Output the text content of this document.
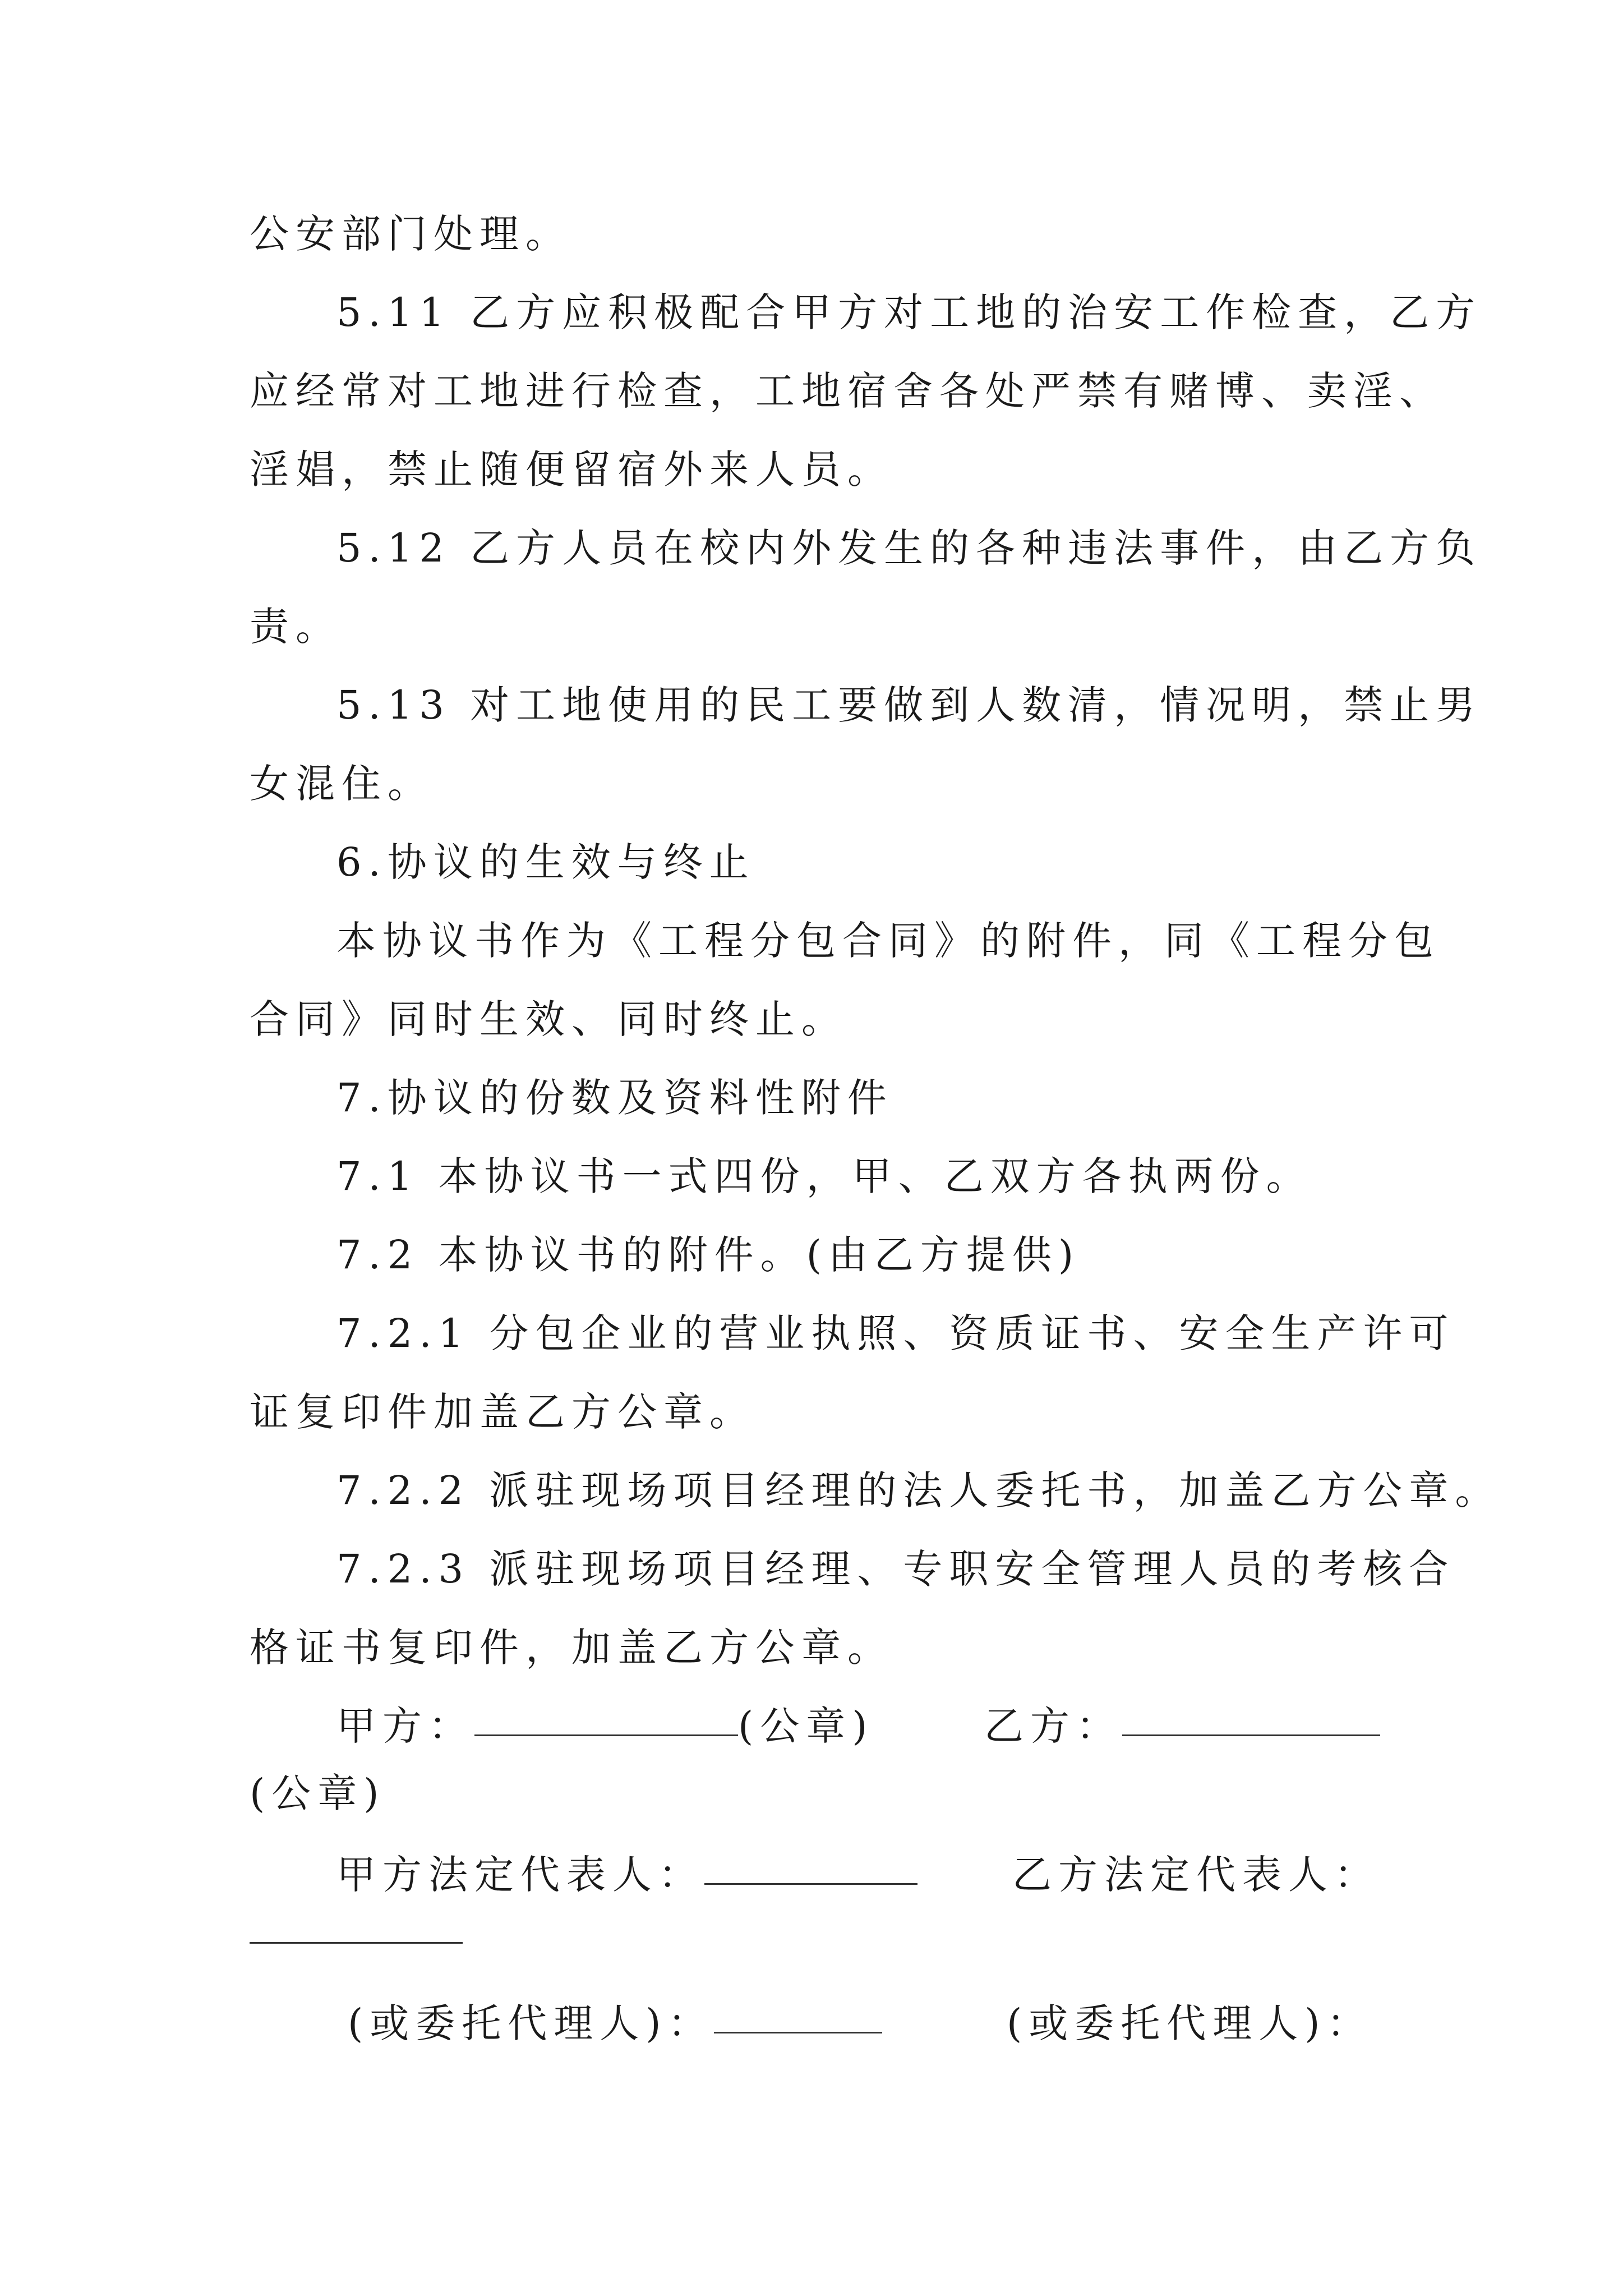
公安部门处理。
5.11 乙方应积极配合甲方对工地的治安工作检查，乙方
应经常对工地进行检查，工地宿舍各处严禁有赌博、卖淫、
淫娼，禁止随便留宿外来人员。
5.12 乙方人员在校内外发生的各种违法事件，由乙方负
责。
5.13 对工地使用的民工要做到人数清，情况明，禁止男
女混住。
6.协议的生效与终止
本协议书作为《工程分包合同》的附件，同《工程分包
合同》同时生效、同时终止。
7.协议的份数及资料性附件
7.1 本协议书一式四份，甲、乙双方各执两份。
7.2 本协议书的附件。(由乙方提供)
7.2.1 分包企业的营业执照、资质证书、安全生产许可
证复印件加盖乙方公章。
7.2.2 派驻现场项目经理的法人委托书，加盖乙方公章。
7.2.3 派驻现场项目经理、专职安全管理人员的考核合
格证书复印件，加盖乙方公章。
甲方：	(公章)	乙方：
(公章)
甲方法定代表人：	乙方法定代表人：
(或委托代理人)：	(或委托代理人)：
